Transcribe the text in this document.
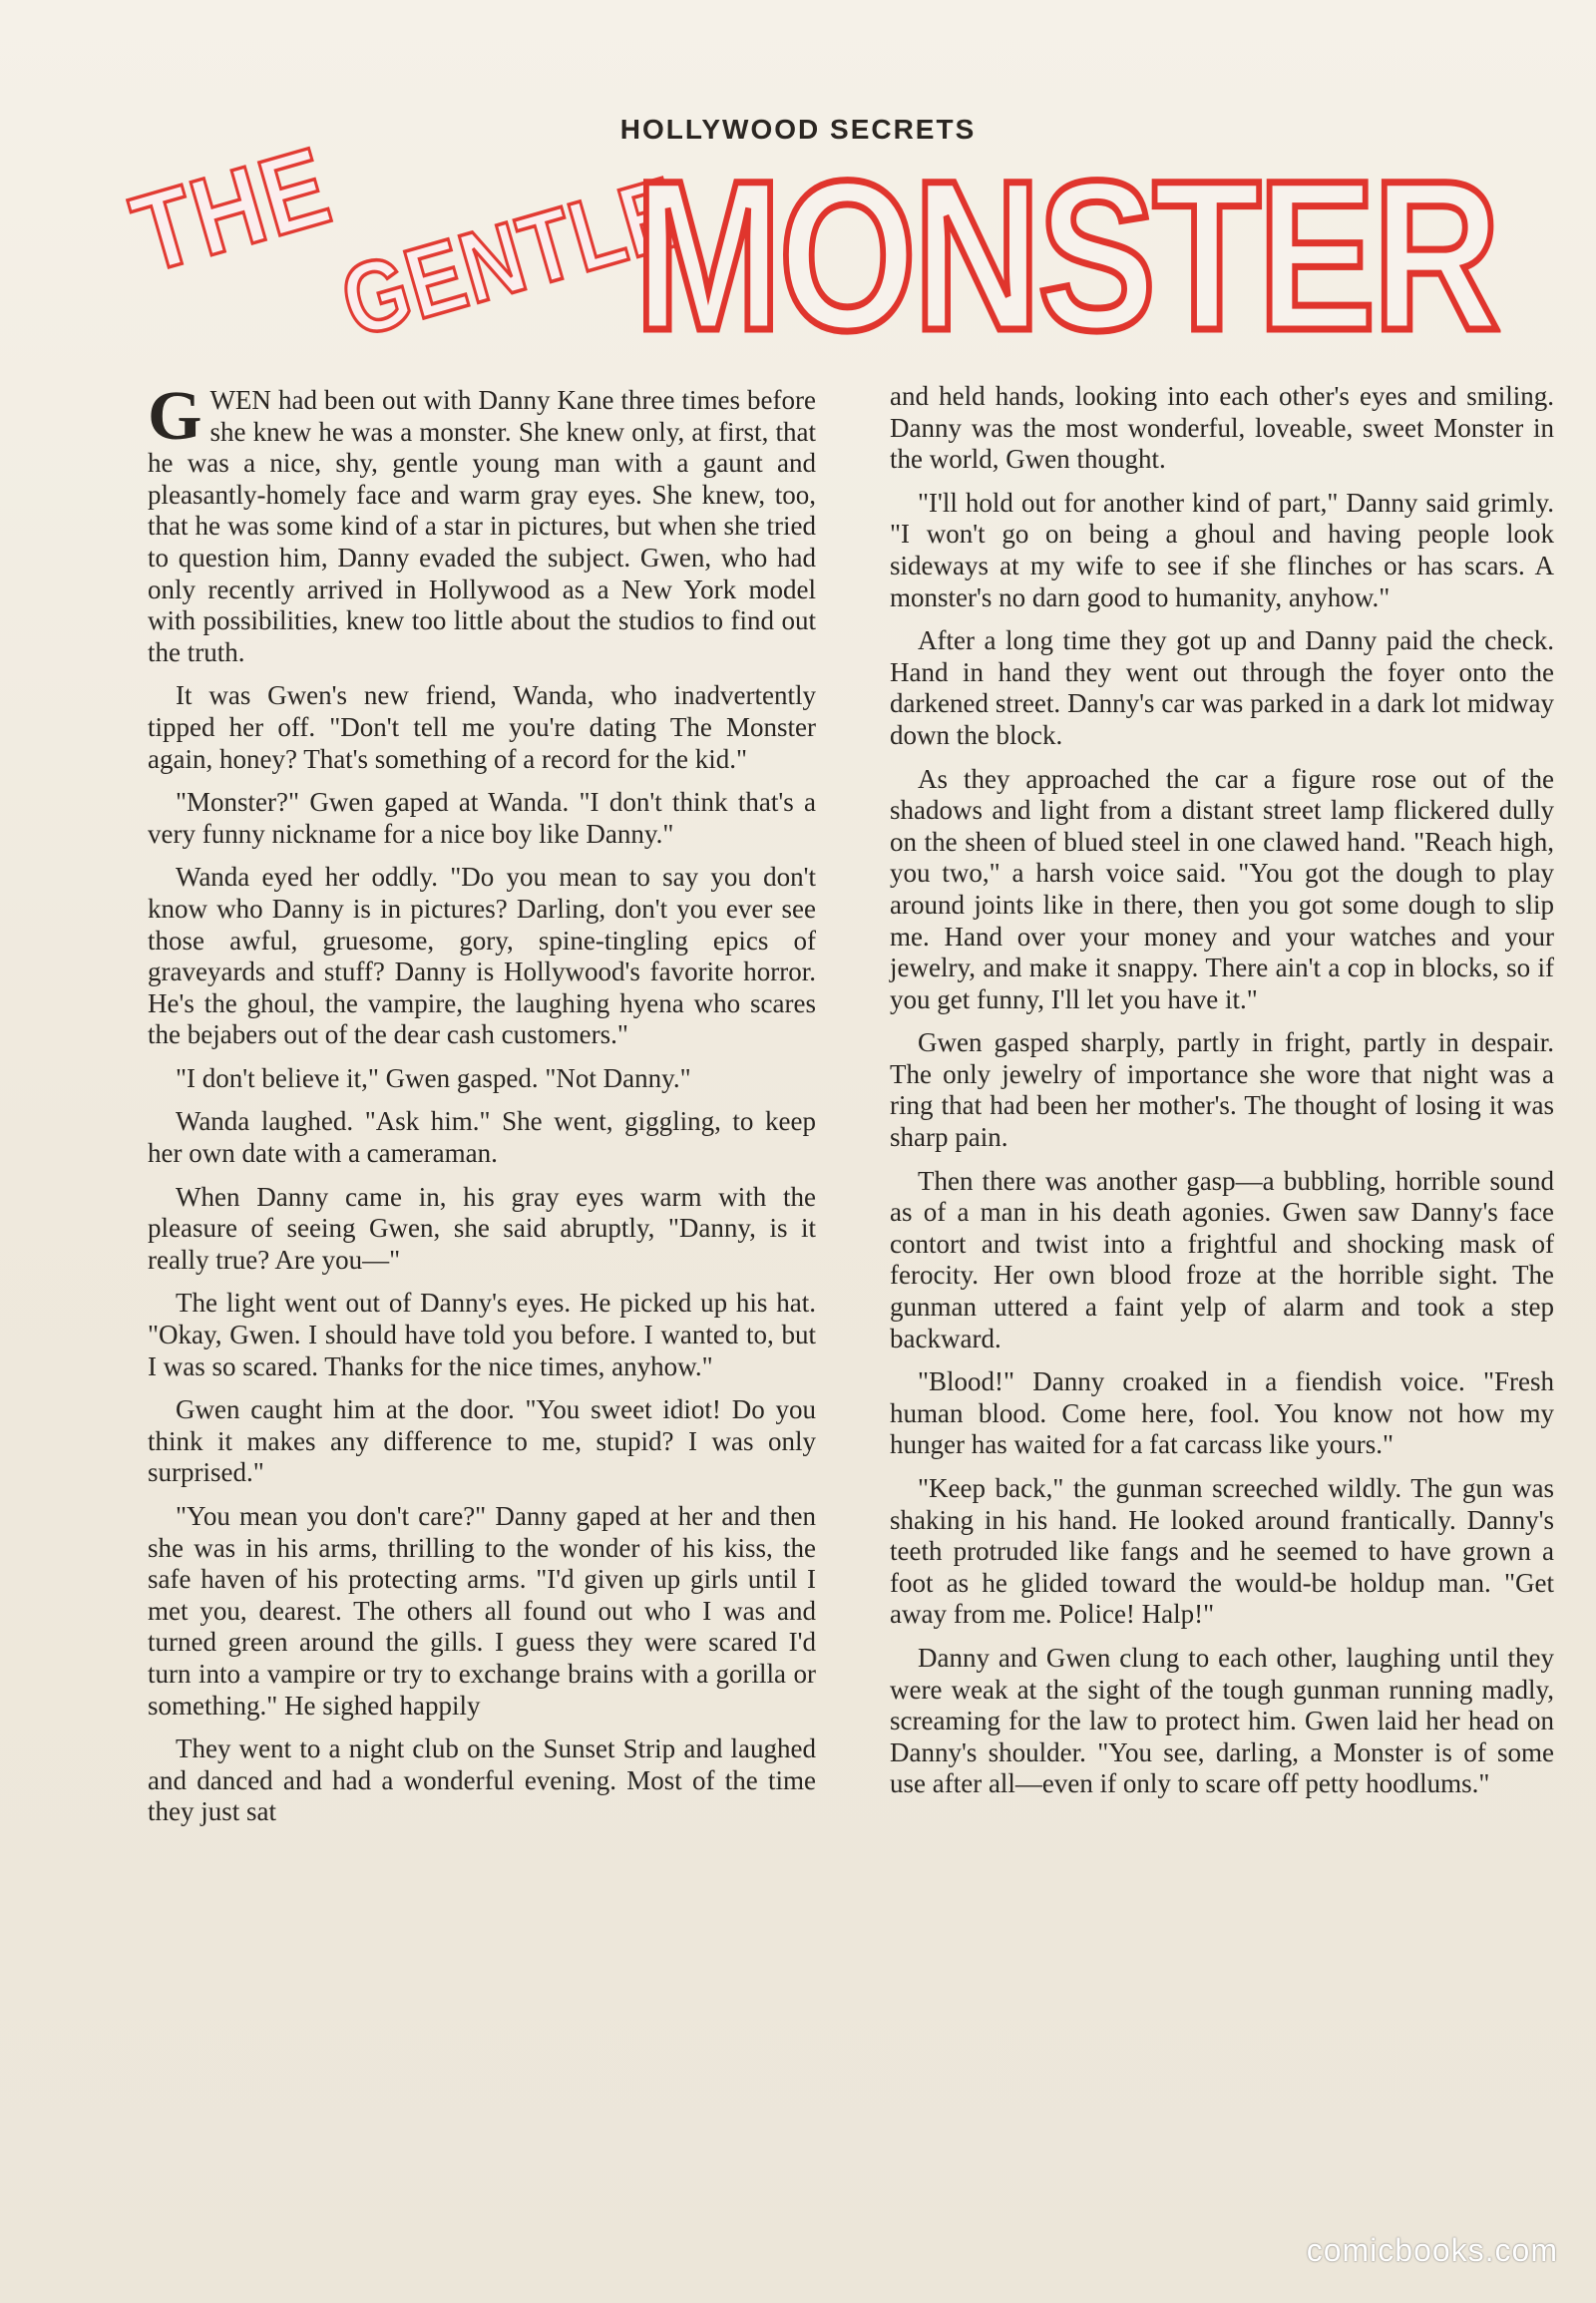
HOLLYWOOD SECRETS
THE
GENTLE
MONSTER

GWEN had been out with Danny Kane three times before she knew he was a monster. She knew only, at first, that he was a nice, shy, gentle young man with a gaunt and pleasantly-homely face and warm gray eyes. She knew, too, that he was some kind of a star in pictures, but when she tried to question him, Danny evaded the subject. Gwen, who had only recently arrived in Hollywood as a New York model with possibilities, knew too little about the studios to find out the truth.

It was Gwen's new friend, Wanda, who inadvertently tipped her off. "Don't tell me you're dating The Monster again, honey? That's something of a record for the kid."

"Monster?" Gwen gaped at Wanda. "I don't think that's a very funny nickname for a nice boy like Danny."

Wanda eyed her oddly. "Do you mean to say you don't know who Danny is in pictures? Darling, don't you ever see those awful, gruesome, gory, spine-tingling epics of graveyards and stuff? Danny is Hollywood's favorite horror. He's the ghoul, the vampire, the laughing hyena who scares the bejabers out of the dear cash customers."

"I don't believe it," Gwen gasped. "Not Danny."

Wanda laughed. "Ask him." She went, giggling, to keep her own date with a cameraman.

When Danny came in, his gray eyes warm with the pleasure of seeing Gwen, she said abruptly, "Danny, is it really true? Are you—"

The light went out of Danny's eyes. He picked up his hat. "Okay, Gwen. I should have told you before. I wanted to, but I was so scared. Thanks for the nice times, anyhow."

Gwen caught him at the door. "You sweet idiot! Do you think it makes any difference to me, stupid? I was only surprised."

"You mean you don't care?" Danny gaped at her and then she was in his arms, thrilling to the wonder of his kiss, the safe haven of his protecting arms. "I'd given up girls until I met you, dearest. The others all found out who I was and turned green around the gills. I guess they were scared I'd turn into a vampire or try to exchange brains with a gorilla or something." He sighed happily

They went to a night club on the Sunset Strip and laughed and danced and had a wonderful evening. Most of the time they just sat

and held hands, looking into each other's eyes and smiling. Danny was the most wonderful, loveable, sweet Monster in the world, Gwen thought.

"I'll hold out for another kind of part," Danny said grimly. "I won't go on being a ghoul and having people look sideways at my wife to see if she flinches or has scars. A monster's no darn good to humanity, anyhow."

After a long time they got up and Danny paid the check. Hand in hand they went out through the foyer onto the darkened street. Danny's car was parked in a dark lot midway down the block.

As they approached the car a figure rose out of the shadows and light from a distant street lamp flickered dully on the sheen of blued steel in one clawed hand. "Reach high, you two," a harsh voice said. "You got the dough to play around joints like in there, then you got some dough to slip me. Hand over your money and your watches and your jewelry, and make it snappy. There ain't a cop in blocks, so if you get funny, I'll let you have it."

Gwen gasped sharply, partly in fright, partly in despair. The only jewelry of importance she wore that night was a ring that had been her mother's. The thought of losing it was sharp pain.

Then there was another gasp—a bubbling, horrible sound as of a man in his death agonies. Gwen saw Danny's face contort and twist into a frightful and shocking mask of ferocity. Her own blood froze at the horrible sight. The gunman uttered a faint yelp of alarm and took a step backward.

"Blood!" Danny croaked in a fiendish voice. "Fresh human blood. Come here, fool. You know not how my hunger has waited for a fat carcass like yours."

"Keep back," the gunman screeched wildly. The gun was shaking in his hand. He looked around frantically. Danny's teeth protruded like fangs and he seemed to have grown a foot as he glided toward the would-be holdup man. "Get away from me. Police! Halp!"

Danny and Gwen clung to each other, laughing until they were weak at the sight of the tough gunman running madly, screaming for the law to protect him. Gwen laid her head on Danny's shoulder. "You see, darling, a Monster is of some use after all—even if only to scare off petty hoodlums."

comicbooks.com
